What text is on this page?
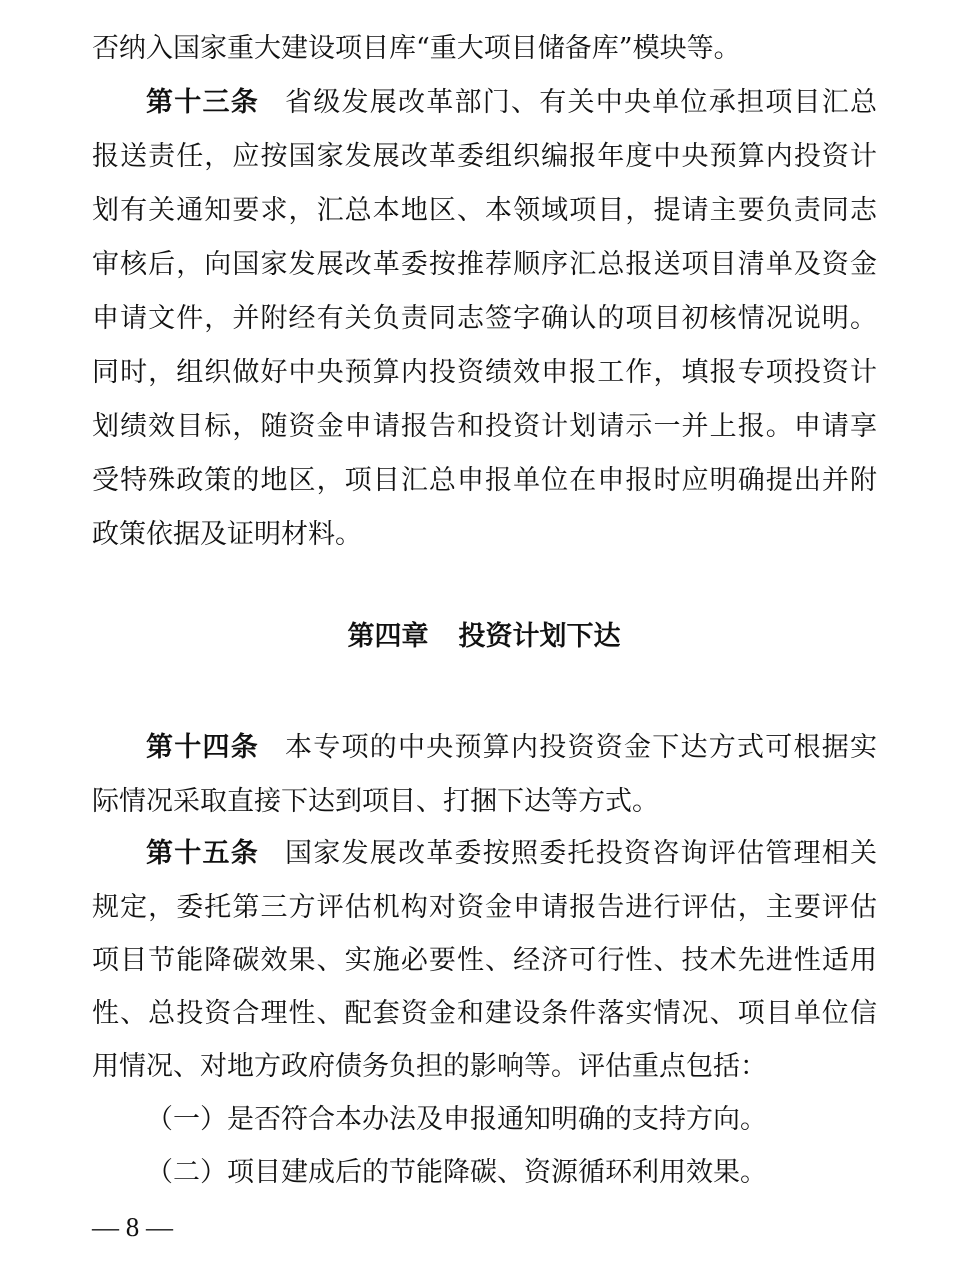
否纳入国家重大建设项目库“重大项目储备库”模块等。
第十三条 省级发展改革部门、有关中央单位承担项目汇总
报送责任，应按国家发展改革委组织编报年度中央预算内投资计
划有关通知要求，汇总本地区、本领域项目，提请主要负责同志
审核后，向国家发展改革委按推荐顺序汇总报送项目清单及资金
申请文件，并附经有关负责同志签字确认的项目初核情况说明。
同时，组织做好中央预算内投资绩效申报工作，填报专项投资计
划绩效目标，随资金申请报告和投资计划请示一并上报。申请享
受特殊政策的地区，项目汇总申报单位在申报时应明确提出并附
政策依据及证明材料。
第四章 投资计划下达
第十四条 本专项的中央预算内投资资金下达方式可根据实
际情况采取直接下达到项目、打捆下达等方式。
第十五条 国家发展改革委按照委托投资咨询评估管理相关
规定，委托第三方评估机构对资金申请报告进行评估，主要评估
项目节能降碳效果、实施必要性、经济可行性、技术先进性适用
性、总投资合理性、配套资金和建设条件落实情况、项目单位信
用情况、对地方政府债务负担的影响等。评估重点包括：
（一）是否符合本办法及申报通知明确的支持方向。
（二）项目建成后的节能降碳、资源循环利用效果。
— 8 —
